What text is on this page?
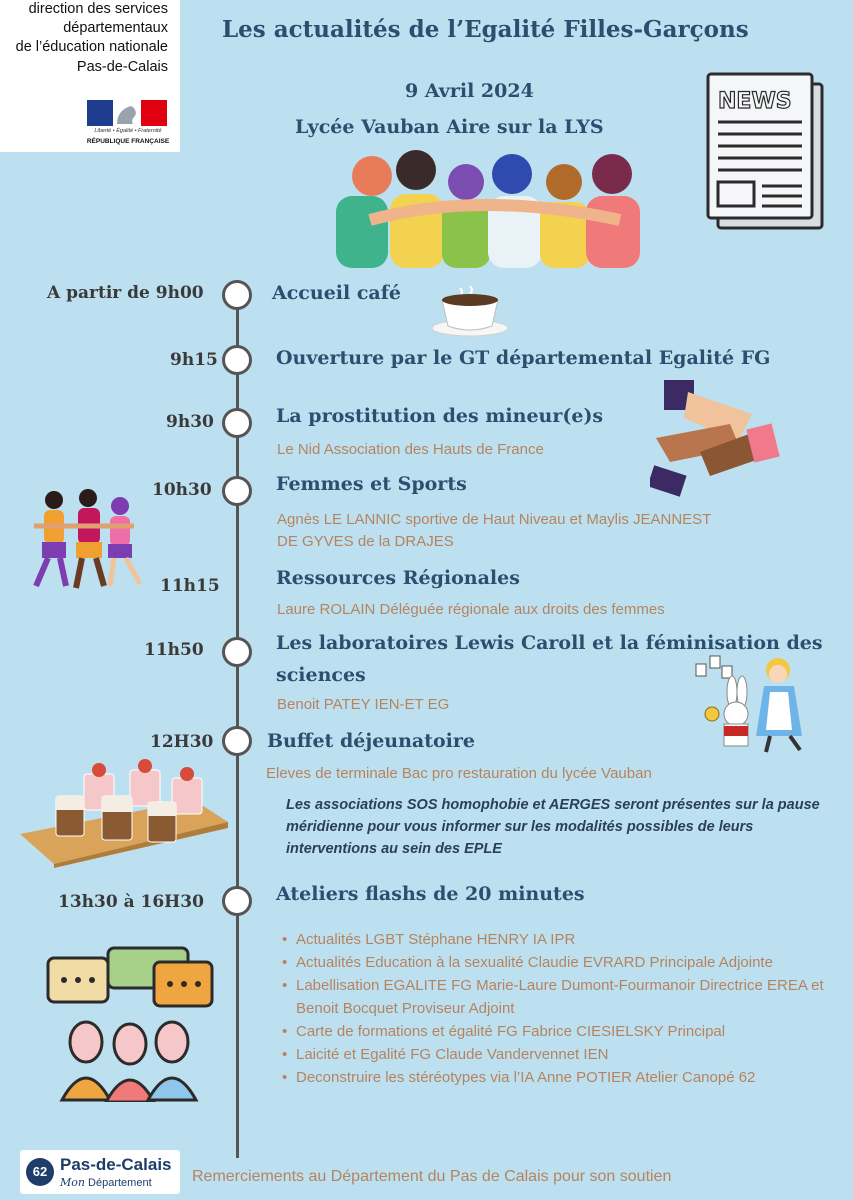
direction des services
départementaux
de l’éducation nationale
Pas-de-Calais
Liberté • Égalité • Fraternité
RÉPUBLIQUE FRANÇAISE
Les actualités de l’Egalité Filles-Garçons
9 Avril 2024
Lycée Vauban Aire sur la LYS
NEWS
A partir de 9h00	Accueil café
9h15	Ouverture par le GT départemental Egalité FG
9h30	La prostitution des mineur(e)s
Le Nid Association des Hauts de France
10h30	Femmes et Sports
Agnès LE LANNIC sportive de Haut Niveau et Maylis JEANNEST
DE GYVES de la DRAJES
11h15	Ressources Régionales
Laure ROLAIN Déléguée régionale aux droits des femmes
11h50	Les laboratoires Lewis Caroll et la féminisation des
sciences
Benoit PATEY IEN-ET EG
12H30	Buffet déjeunatoire
Eleves de terminale Bac pro restauration du lycée Vauban
Les associations SOS homophobie et AERGES seront présentes sur la pause méridienne pour vous informer sur les modalités possibles de leurs interventions au sein des EPLE
13h30 à 16H30	Ateliers flashs de 20 minutes
• Actualités LGBT Stéphane HENRY IA IPR
• Actualités Education à la sexualité Claudie EVRARD Principale Adjointe
• Labellisation EGALITE FG Marie-Laure Dumont-Fourmanoir Directrice EREA et Benoit Bocquet Proviseur Adjoint
• Carte de formations et égalité FG Fabrice CIESIELSKY Principal
• Laicité et Egalité FG Claude Vandervennet IEN
• Deconstruire les stéréotypes via l’IA Anne POTIER Atelier Canopé 62
62 Pas-de-Calais
Mon Département	Remerciements au Département du Pas de Calais pour son soutien
